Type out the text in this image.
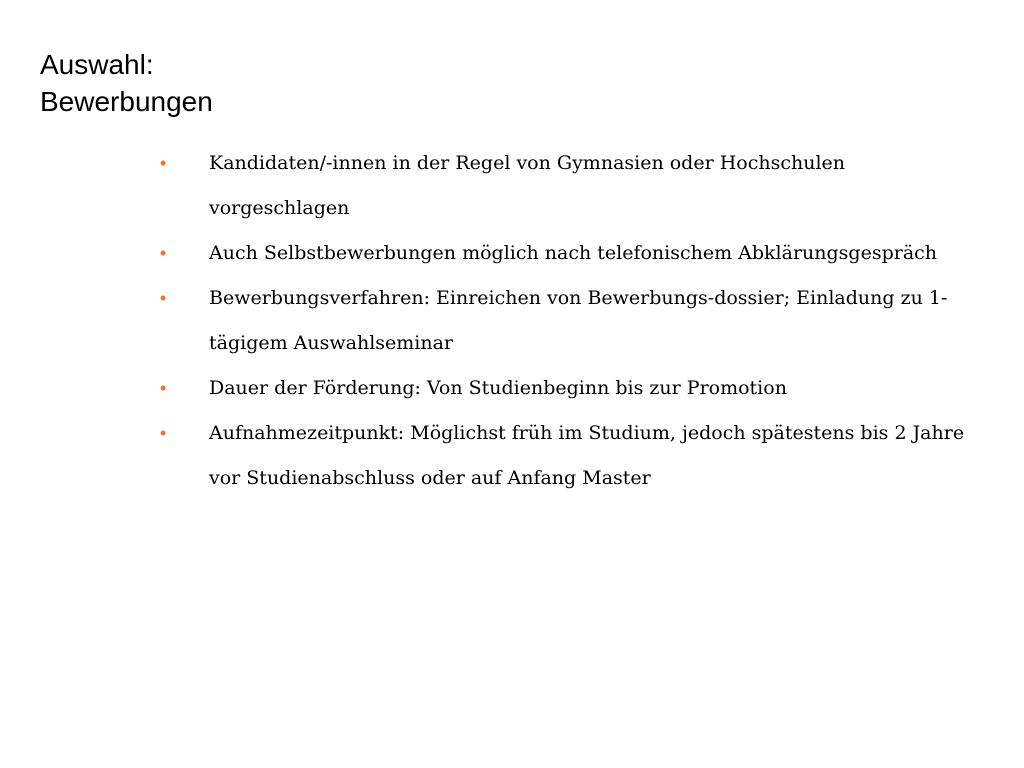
Auswahl:
Bewerbungen
• Kandidaten/-innen in der Regel von Gymnasien oder Hochschulen vorgeschlagen
• Auch Selbstbewerbungen möglich nach telefonischem Abklärungsgespräch
• Bewerbungsverfahren: Einreichen von Bewerbungs-dossier; Einladung zu 1-tägigem Auswahlseminar
• Dauer der Förderung: Von Studienbeginn bis zur Promotion
• Aufnahmezeitpunkt: Möglichst früh im Studium, jedoch spätestens bis 2 Jahre vor Studienabschluss oder auf Anfang Master
